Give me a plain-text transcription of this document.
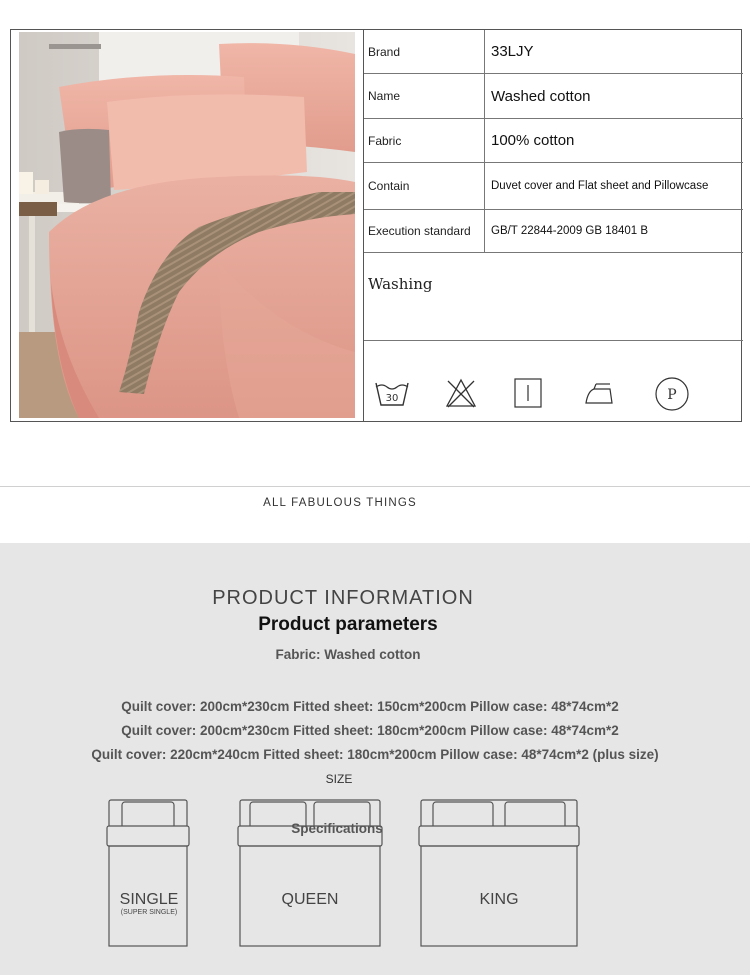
Brand	33LJY
Name	Washed cotton
Fabric	100% cotton
Contain	Duvet cover and Flat sheet and Pillowcase
Execution standard	GB/T 22844-2009 GB 18401 B
Washing
30	P
ALL FABULOUS THINGS
PRODUCT INFORMATION
Product parameters
Fabric: Washed cotton
Quilt cover: 200cm*230cm Fitted sheet: 150cm*200cm Pillow case: 48*74cm*2
Quilt cover: 200cm*230cm Fitted sheet: 180cm*200cm Pillow case: 48*74cm*2
Quilt cover: 220cm*240cm Fitted sheet: 180cm*200cm Pillow case: 48*74cm*2 (plus size)
SIZE
SINGLE
(SUPER SINGLE)
Specifications
QUEEN	KING
